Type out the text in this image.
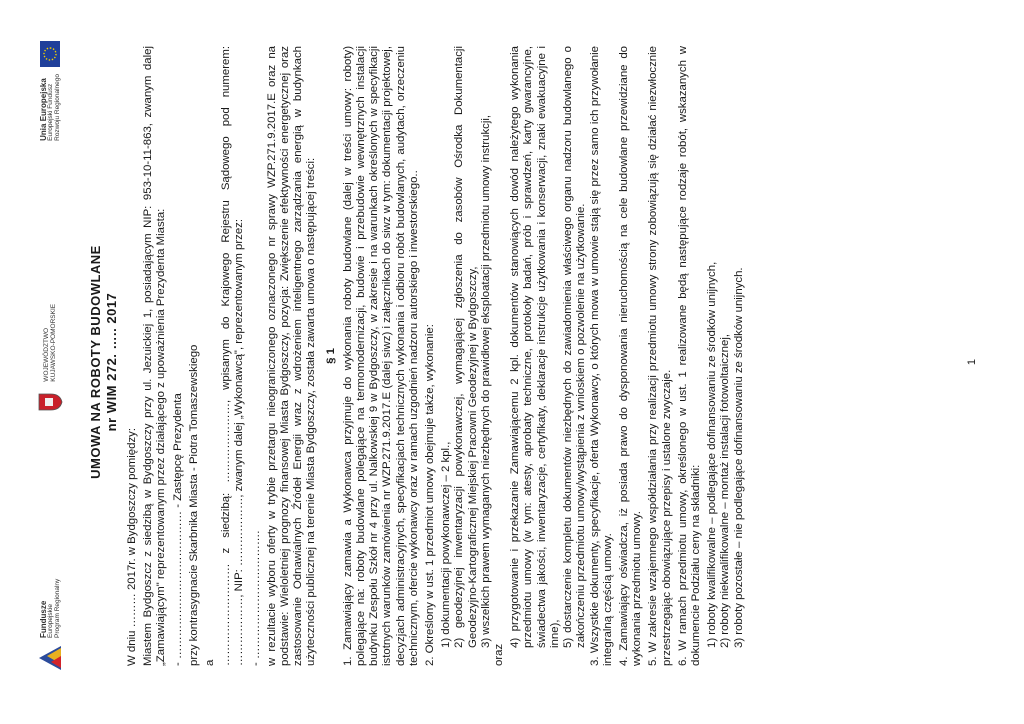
Fundusze Europejskie
Program Regionalny
WOJEWÓDZTWO
KUJAWSKO-POMORSKIE
Unia Europejska Europejski Fundusz
Rozwoju Regionalnego
UMOWA NA ROBOTY BUDOWLANE
nr WIM 272. ….. 2017

W dniu ……… 2017r. w Bydgoszczy pomiędzy: Miastem Bydgoszcz z siedzibą w Bydgoszczy przy ul. Jezuickiej 1, posiadającym NIP: 953-10-11-863, zwanym dalej „Zamawiającym" reprezentowanym przez działającego z upoważnienia Prezydenta Miasta: - ………………………………… - Zastępcę Prezydenta przy kontrasygnacie Skarbnika Miasta - Piotra Tomaszewskiego a ……………………… z siedzibą: …………………, wpisanym do Krajowego Rejestru Sądowego pod numerem: ………………, NIP: ………………, zwanym dalej „Wykonawcą", reprezentowanym przez: - ……………………………. w rezultacie wyboru oferty w trybie przetargu nieograniczonego oznaczonego nr sprawy WZP.271.9.2017.E oraz na podstawie: Wieloletniej prognozy finansowej Miasta Bydgoszczy, pozycja: Zwiększenie efektywności energetycznej oraz zastosowanie Odnawialnych Źródeł Energii wraz z wdrożeniem inteligentnego zarządzania energią w budynkach użyteczności publicznej na terenie Miasta Bydgoszczy, została zawarta umowa o następującej treści: § 1 1. Zamawiający zamawia a Wykonawca przyjmuje do wykonania roboty budowlane (dalej w treści umowy: roboty) polegające na: roboty budowlane polegające na termomodernizacji, budowie i przebudowie wewnętrznych instalacji budynku Zespołu Szkół nr 4 przy ul. Nalkowskiej 9 w Bydgoszczy, w zakresie i na warunkach określonych w specyfikacji istotnych warunków zamówienia nr WZP.271.9.2017.E (dalej siwz) i załącznikach do siwz w tym: dokumentacji projektowej, decyzjach administracyjnych, specyfikacjach technicznych wykonania i odbioru robót budowlanych, audytach, orzeczeniu technicznym, ofercie wykonawcy oraz w ramach uzgodnień nadzoru autorskiego i inwestorskiego.. 2. Określony w ust. 1 przedmiot umowy obejmuje także, wykonanie: 1) dokumentacji powykonawczej – 2 kpl., 2) geodezyjnej inwentaryzacji powykonawczej, wymagającej zgłoszenia do zasobów Ośrodka Dokumentacji Geodezyjno-Kartograficznej Miejskiej Pracowni Geodezyjnej w Bydgoszczy, 3) wszelkich prawem wymaganych niezbędnych do prawidłowej eksploatacji przedmiotu umowy instrukcji,

oraz

4) przygotowanie i przekazanie Zamawiającemu 2 kpl. dokumentów stanowiących dowód należytego wykonania przedmiotu umowy (w tym: atesty, aprobaty techniczne, protokoły badań, prób i sprawdzeń, karty gwarancyjne, świadectwa jakości, inwentaryzacje, certyfikaty, deklaracje instrukcje użytkowania i konserwacji, znaki ewakuacyjne i inne), 5) dostarczenie kompletu dokumentów niezbędnych do zawiadomienia właściwego organu nadzoru budowlanego o zakończeniu przedmiotu umowy/wystąpienia z wnioskiem o pozwolenie na użytkowanie. 3. Wszystkie dokumenty, specyfikacje, oferta Wykonawcy, o których mowa w umowie stają się przez samo ich przywołanie integralną częścią umowy. 4. Zamawiający oświadcza, iż posiada prawo do dysponowania nieruchomością na cele budowlane przewidziane do wykonania przedmiotu umowy. 5. W zakresie wzajemnego współdziałania przy realizacji przedmiotu umowy strony zobowiązują się działać niezwłocznie przestrzegając obowiązujące przepisy i ustalone zwyczaje. 6. W ramach przedmiotu umowy, określonego w ust. 1 realizowane będą następujące rodzaje robót, wskazanych w dokumencie Podziału ceny na składniki: 1) roboty kwalifikowalne – podlegające dofinansowaniu ze środków unijnych, 2) roboty niekwalifikowalne – montaż instalacji fotowoltaicznej, 3) roboty pozostałe – nie podlegające dofinansowaniu ze środków unijnych.	1
